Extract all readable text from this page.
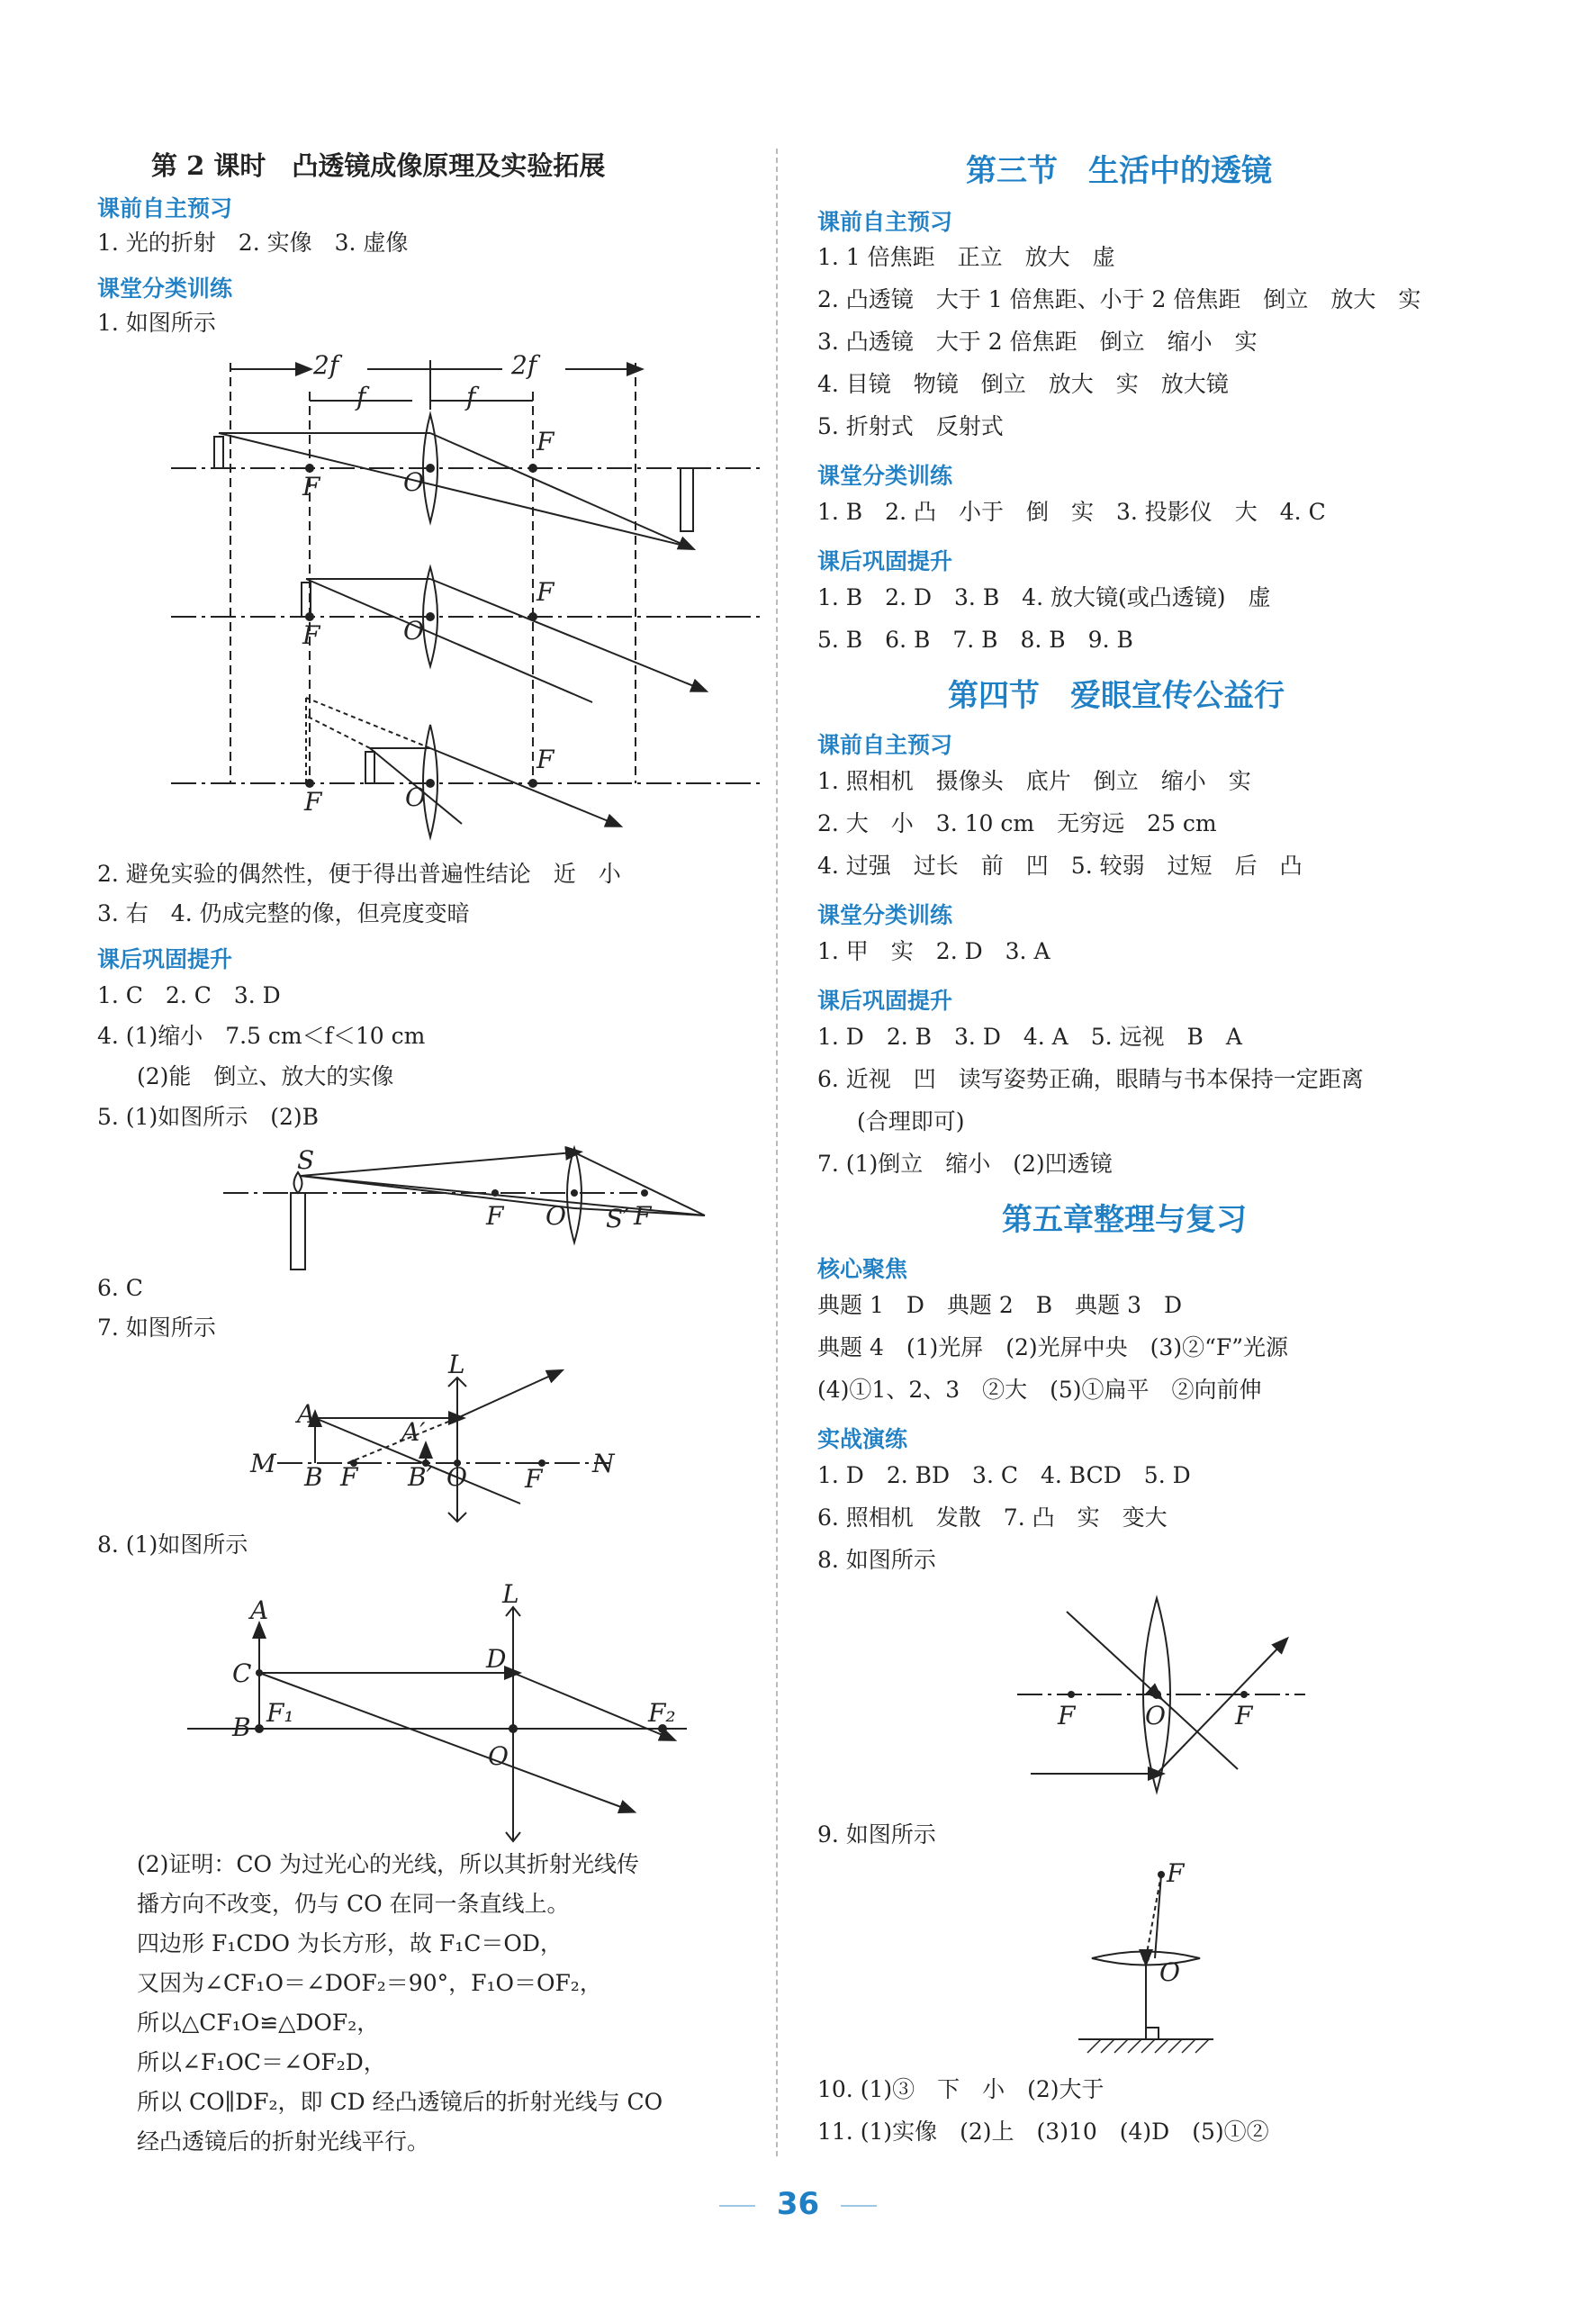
第 2 课时　凸透镜成像原理及实验拓展
课前自主预习
1. 光的折射　2. 实像　3. 虚像
课堂分类训练
1. 如图所示
2f	2f
f	f
F	O
F
F	O
F
F	O
F
2. 避免实验的偶然性，便于得出普遍性结论　近　小
3. 右　4. 仍成完整的像，但亮度变暗
课后巩固提升
1. C　2. C　3. D
4. (1)缩小　7.5 cm＜f＜10 cm
(2)能　倒立、放大的实像
5. (1)如图所示　(2)B
S
F O	F
S′
6. C
7. 如图所示
L
A
A′
M B F B′ O F
N
8. (1)如图所示
A
L
C	D
B F₁	F₂
O
(2)证明：CO 为过光心的光线，所以其折射光线传
播方向不改变，仍与 CO 在同一条直线上。
四边形 F₁CDO 为长方形，故 F₁C＝OD，
又因为∠CF₁O＝∠DOF₂＝90°，F₁O＝OF₂，
所以△CF₁O≌△DOF₂，
所以∠F₁OC＝∠OF₂D，
所以 CO∥DF₂，即 CD 经凸透镜后的折射光线与 CO
经凸透镜后的折射光线平行。
第三节　生活中的透镜
课前自主预习
1. 1 倍焦距　正立　放大　虚
2. 凸透镜　大于 1 倍焦距、小于 2 倍焦距　倒立　放大　实
3. 凸透镜　大于 2 倍焦距　倒立　缩小　实
4. 目镜　物镜　倒立　放大　实　放大镜
5. 折射式　反射式
课堂分类训练
1. B　2. 凸　小于　倒　实　3. 投影仪　大　4. C
课后巩固提升
1. B　2. D　3. B　4. 放大镜(或凸透镜)　虚
5. B　6. B　7. B　8. B　9. B
第四节　爱眼宣传公益行
课前自主预习
1. 照相机　摄像头　底片　倒立　缩小　实
2. 大　小　3. 10 cm　无穷远　25 cm
4. 过强　过长　前　凹　5. 较弱　过短　后　凸
课堂分类训练
1. 甲　实　2. D　3. A
课后巩固提升
1. D　2. B　3. D　4. A　5. 远视　B　A
6. 近视　凹　读写姿势正确，眼睛与书本保持一定距离
(合理即可)
7. (1)倒立　缩小　(2)凹透镜
第五章整理与复习
核心聚焦
典题 1　D　典题 2　B　典题 3　D
典题 4　(1)光屏　(2)光屏中央　(3)②“F”光源
(4)①1、2、3　②大　(5)①扁平　②向前伸
实战演练
1. D　2. BD　3. C　4. BCD　5. D
6. 照相机　发散　7. 凸　实　变大
8. 如图所示
F	O	F
9. 如图所示
F
O
10. (1)③　下　小　(2)大于
11. (1)实像　(2)上　(3)10　(4)D　(5)①②
36
